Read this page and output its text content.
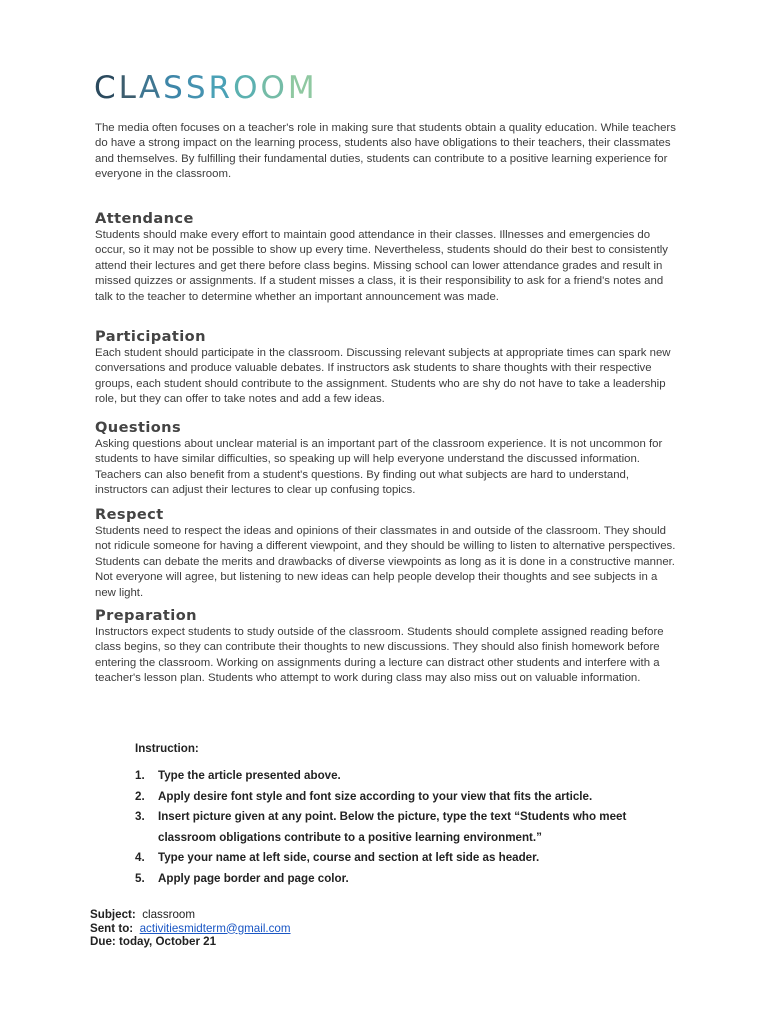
CLASSROOM

The media often focuses on a teacher's role in making sure that students obtain a quality education. While teachers do have a strong impact on the learning process, students also have obligations to their teachers, their classmates and themselves. By fulfilling their fundamental duties, students can contribute to a positive learning experience for everyone in the classroom.

Attendance

Students should make every effort to maintain good attendance in their classes. Illnesses and emergencies do occur, so it may not be possible to show up every time. Nevertheless, students should do their best to consistently attend their lectures and get there before class begins. Missing school can lower attendance grades and result in missed quizzes or assignments. If a student misses a class, it is their responsibility to ask for a friend's notes and talk to the teacher to determine whether an important announcement was made.

Participation

Each student should participate in the classroom. Discussing relevant subjects at appropriate times can spark new conversations and produce valuable debates. If instructors ask students to share thoughts with their respective groups, each student should contribute to the assignment. Students who are shy do not have to take a leadership role, but they can offer to take notes and add a few ideas.

Questions

Asking questions about unclear material is an important part of the classroom experience. It is not uncommon for students to have similar difficulties, so speaking up will help everyone understand the discussed information. Teachers can also benefit from a student's questions. By finding out what subjects are hard to understand, instructors can adjust their lectures to clear up confusing topics.

Respect

Students need to respect the ideas and opinions of their classmates in and outside of the classroom. They should not ridicule someone for having a different viewpoint, and they should be willing to listen to alternative perspectives. Students can debate the merits and drawbacks of diverse viewpoints as long as it is done in a constructive manner. Not everyone will agree, but listening to new ideas can help people develop their thoughts and see subjects in a new light.

Preparation

Instructors expect students to study outside of the classroom. Students should complete assigned reading before class begins, so they can contribute their thoughts to new discussions. They should also finish homework before entering the classroom. Working on assignments during a lecture can distract other students and interfere with a teacher's lesson plan. Students who attempt to work during class may also miss out on valuable information.

Instruction:

1. Type the article presented above.
2. Apply desire font style and font size according to your view that fits the article.
3. Insert picture given at any point. Below the picture, type the text “Students who meet classroom obligations contribute to a positive learning environment.”
4. Type your name at left side, course and section at left side as header.
5. Apply page border and page color.
Subject: classroom
Sent to: activitiesmidterm@gmail.com
Due: today, October 21
